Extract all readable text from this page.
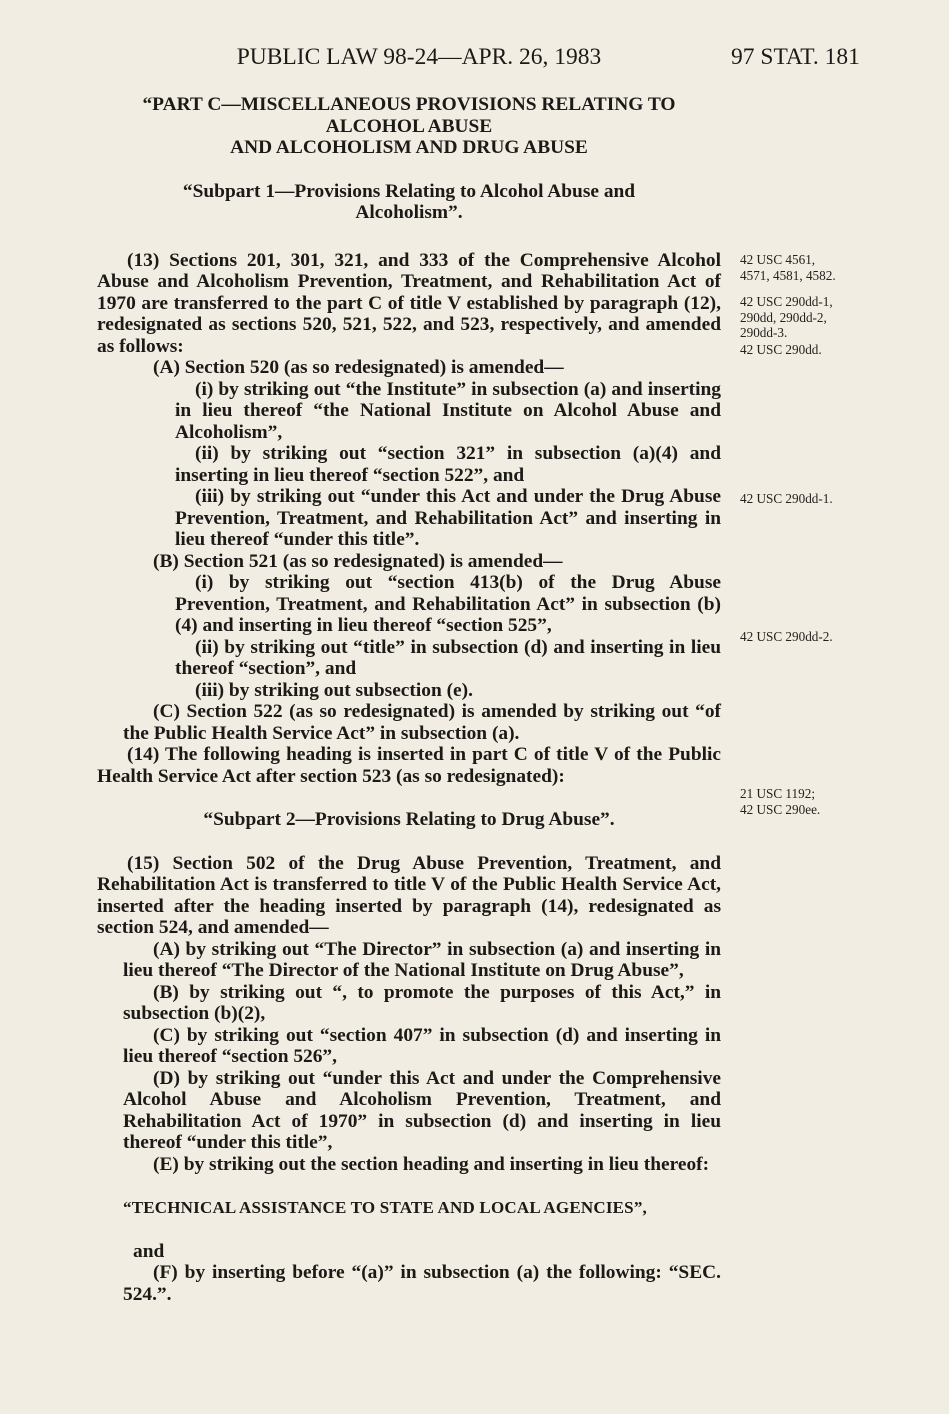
PUBLIC LAW 98-24—APR. 26, 1983	97 STAT. 181

“PART C—MISCELLANEOUS PROVISIONS RELATING TO ALCOHOL ABUSE

AND ALCOHOLISM AND DRUG ABUSE

“Subpart 1—Provisions Relating to Alcohol Abuse and

Alcoholism”.

(13) Sections 201, 301, 321, and 333 of the Comprehensive Alcohol Abuse and Alcoholism Prevention, Treatment, and Rehabilitation Act of 1970 are transferred to the part C of title V established by paragraph (12), redesignated as sections 520, 521, 522, and 523, respectively, and amended as follows:

(A) Section 520 (as so redesignated) is amended—

(i) by striking out “the Institute” in subsection (a) and inserting in lieu thereof “the National Institute on Alcohol Abuse and Alcoholism”,

(ii) by striking out “section 321” in subsection (a)(4) and inserting in lieu thereof “section 522”, and

(iii) by striking out “under this Act and under the Drug Abuse Prevention, Treatment, and Rehabilitation Act” and inserting in lieu thereof “under this title”.

(B) Section 521 (as so redesignated) is amended—

(i) by striking out “section 413(b) of the Drug Abuse Prevention, Treatment, and Rehabilitation Act” in subsection (b)(4) and inserting in lieu thereof “section 525”,

(ii) by striking out “title” in subsection (d) and inserting in lieu thereof “section”, and

(iii) by striking out subsection (e).

(C) Section 522 (as so redesignated) is amended by striking out “of the Public Health Service Act” in subsection (a).

(14) The following heading is inserted in part C of title V of the Public Health Service Act after section 523 (as so redesignated):

“Subpart 2—Provisions Relating to Drug Abuse”.

(15) Section 502 of the Drug Abuse Prevention, Treatment, and Rehabilitation Act is transferred to title V of the Public Health Service Act, inserted after the heading inserted by paragraph (14), redesignated as section 524, and amended—

(A) by striking out “The Director” in subsection (a) and inserting in lieu thereof “The Director of the National Institute on Drug Abuse”,

(B) by striking out “, to promote the purposes of this Act,” in subsection (b)(2),

(C) by striking out “section 407” in subsection (d) and inserting in lieu thereof “section 526”,

(D) by striking out “under this Act and under the Comprehensive Alcohol Abuse and Alcoholism Prevention, Treatment, and Rehabilitation Act of 1970” in subsection (d) and inserting in lieu thereof “under this title”,

(E) by striking out the section heading and inserting in lieu thereof:

“TECHNICAL ASSISTANCE TO STATE AND LOCAL AGENCIES”,

and

(F) by inserting before “(a)” in subsection (a) the following: “SEC. 524.”.

42 USC 4561,
4571, 4581, 4582.
42 USC 290dd-1,
290dd, 290dd-2,
290dd-3.
42 USC 290dd.
42 USC 290dd-1.
42 USC 290dd-2.
21 USC 1192;
42 USC 290ee.
